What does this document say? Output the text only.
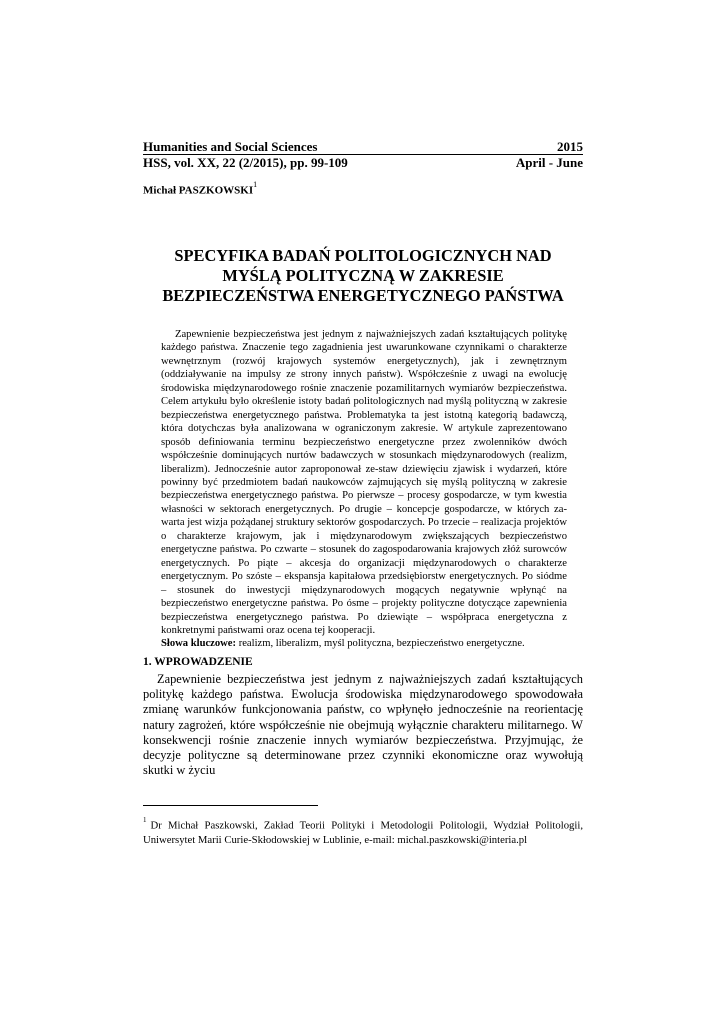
Humanities and Social Sciences	2015
HSS, vol. XX, 22 (2/2015), pp. 99-109	April - June
Michał PASZKOWSKI$^1$
SPECYFIKA BADAŃ POLITOLOGICZNYCH NAD
MYŚLĄ POLITYCZNĄ W ZAKRESIE
BEZPIECZEŃSTWA ENERGETYCZNEGO PAŃSTWA

Zapewnienie bezpieczeństwa jest jednym z najważniejszych zadań kształtujących politykę każdego państwa. Znaczenie tego zagadnienia jest uwarunkowane czynnikami o charakterze wewnętrznym (rozwój krajowych systemów energetycznych), jak i zewnętrznym (oddziaływanie na impulsy ze strony innych państw). Współcześnie z uwagi na ewolucję środowiska międzynarodowego rośnie znaczenie pozamilitarnych wymiarów bezpieczeństwa. Celem artykułu było określenie istoty badań politologicznych nad myślą polityczną w zakresie bezpieczeństwa energetycznego państwa. Problematyka ta jest istotną kategorią badawczą, która dotychczas była analizowana w ograniczonym zakresie. W artykule zaprezentowano sposób definiowania terminu bezpieczeństwo energetyczne przez zwolenników dwóch współcześnie dominujących nurtów badawczych w stosunkach międzynarodowych (realizm, liberalizm). Jednocześnie autor zaproponował ze-staw dziewięciu zjawisk i wydarzeń, które powinny być przedmiotem badań naukowców zajmujących się myślą polityczną w zakresie bezpieczeństwa energetycznego państwa. Po pierwsze – procesy gospodarcze, w tym kwestia własności w sektorach energetycznych. Po drugie – koncepcje gospodarcze, w których za-warta jest wizja pożądanej struktury sektorów gospodarczych. Po trzecie – realizacja projektów o charakterze krajowym, jak i międzynarodowym zwiększających bezpieczeństwo energetyczne państwa. Po czwarte – stosunek do zagospodarowania krajowych złóż surowców energetycznych. Po piąte – akcesja do organizacji międzynarodowych o charakterze energetycznym. Po szóste – ekspansja kapitałowa przedsiębiorstw energetycznych. Po siódme – stosunek do inwestycji międzynarodowych mogących negatywnie wpłynąć na bezpieczeństwo energetyczne państwa. Po ósme – projekty polityczne dotyczące zapewnienia bezpieczeństwa energetycznego państwa. Po dziewiąte – współpraca energetyczna z konkretnymi państwami oraz ocena tej kooperacji.

Słowa kluczowe: realizm, liberalizm, myśl polityczna, bezpieczeństwo energetyczne.

1. WPROWADZENIE

Zapewnienie bezpieczeństwa jest jednym z najważniejszych zadań kształtujących politykę każdego państwa. Ewolucja środowiska międzynarodowego spowodowała zmianę warunków funkcjonowania państw, co wpłynęło jednocześnie na reorientację natury zagrożeń, które współcześnie nie obejmują wyłącznie charakteru militarnego. W konsekwencji rośnie znaczenie innych wymiarów bezpieczeństwa. Przyjmując, że decyzje polityczne są determinowane przez czynniki ekonomiczne oraz wywołują skutki w życiu

$^1$ Dr Michał Paszkowski, Zakład Teorii Polityki i Metodologii Politologii, Wydział Politologii, Uniwersytet Marii Curie-Skłodowskiej w Lublinie, e-mail: michal.paszkowski@interia.pl
